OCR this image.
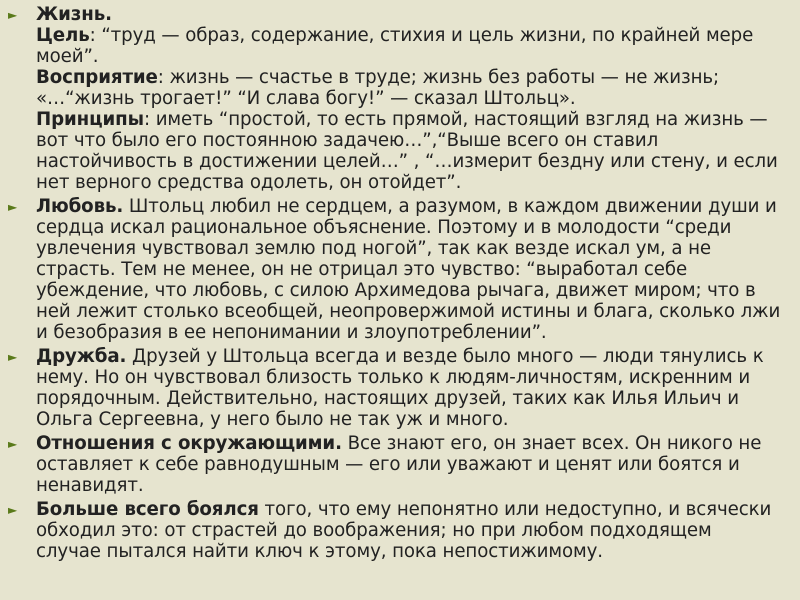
►	Жизнь.
Цель: “труд — образ, содержание, стихия и цель жизни, по крайней мере моей”.
Восприятие: жизнь — счастье в труде; жизнь без работы — не жизнь; «…“жизнь трогает!” “И слава богу!” — сказал Штольц».
Принципы: иметь “простой, то есть прямой, настоящий взгляд на жизнь — вот что было его постоянною задачею…”,“Выше всего он ставил настойчивость в достижении целей…” , “…измерит бездну или стену, и если нет верного средства одолеть, он отойдет”.
►	Любовь. Штольц любил не сердцем, а разумом, в каждом движении души и сердца искал рациональное объяснение. Поэтому и в молодости “среди увлечения чувствовал землю под ногой”, так как везде искал ум, а не страсть. Тем не менее, он не отрицал это чувство: “выработал себе убеждение, что любовь, с силою Архимедова рычага, движет миром; что в ней лежит столько всеобщей, неопровержимой истины и блага, сколько лжи и безобразия в ее непонимании и злоупотреблении”.
►	Дружба. Друзей у Штольца всегда и везде было много — люди тянулись к нему. Но он чувствовал близость только к людям-личностям, искренним и порядочным. Действительно, настоящих друзей, таких как Илья Ильич и Ольга Сергеевна, у него было не так уж и много.
►	Отношения с окружающими. Все знают его, он знает всех. Он никого не оставляет к себе равнодушным — его или уважают и ценят или боятся и ненавидят.
►	Больше всего боялся того, что ему непонятно или недоступно, и всячески обходил это: от страстей до воображения; но при любом подходящем случае пытался найти ключ к этому, пока непостижимому.
